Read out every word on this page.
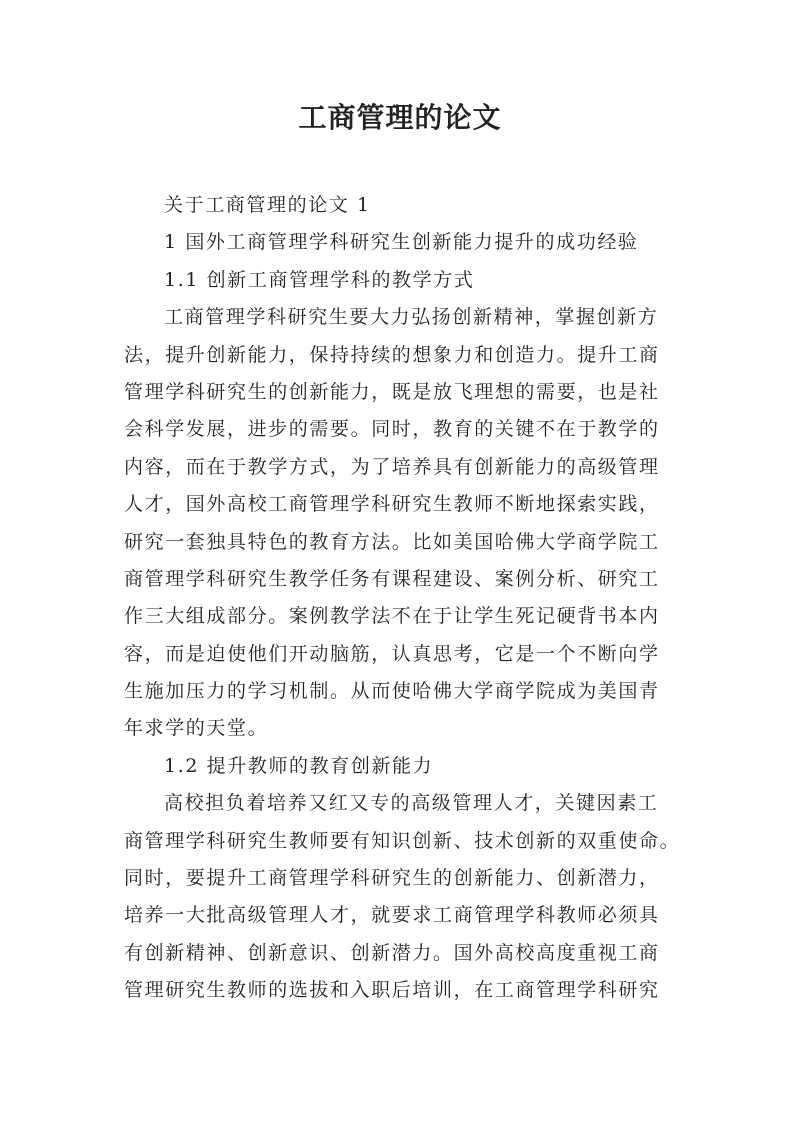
工商管理的论文

关于工商管理的论文 1

1 国外工商管理学科研究生创新能力提升的成功经验

1.1 创新工商管理学科的教学方式

工商管理学科研究生要大力弘扬创新精神，掌握创新方

法，提升创新能力，保持持续的想象力和创造力。提升工商

管理学科研究生的创新能力，既是放飞理想的需要，也是社

会科学发展，进步的需要。同时，教育的关键不在于教学的

内容，而在于教学方式，为了培养具有创新能力的高级管理

人才，国外高校工商管理学科研究生教师不断地探索实践，

研究一套独具特色的教育方法。比如美国哈佛大学商学院工

商管理学科研究生教学任务有课程建设、案例分析、研究工

作三大组成部分。案例教学法不在于让学生死记硬背书本内

容，而是迫使他们开动脑筋，认真思考，它是一个不断向学

生施加压力的学习机制。从而使哈佛大学商学院成为美国青

年求学的天堂。

1.2 提升教师的教育创新能力

高校担负着培养又红又专的高级管理人才，关键因素工

商管理学科研究生教师要有知识创新、技术创新的双重使命。

同时，要提升工商管理学科研究生的创新能力、创新潜力，

培养一大批高级管理人才，就要求工商管理学科教师必须具

有创新精神、创新意识、创新潜力。国外高校高度重视工商

管理研究生教师的选拔和入职后培训，在工商管理学科研究
